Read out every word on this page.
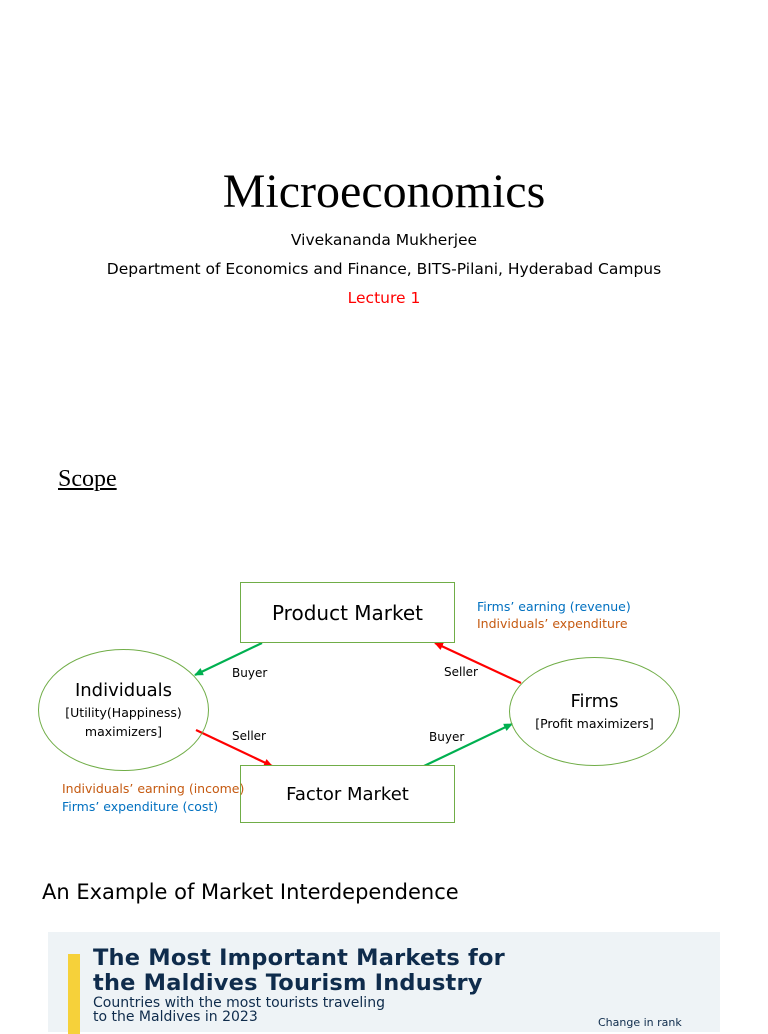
Microeconomics
Vivekananda Mukherjee
Department of Economics and Finance, BITS-Pilani, Hyderabad Campus
Lecture 1
Scope
Product Market
Factor Market
Individuals
[Utility(Happiness)
maximizers]
Firms
[Profit maximizers]
Buyer	Seller
Seller	Buyer
Firms’ earning (revenue)
Individuals’ expenditure
Individuals’ earning (income)
Firms’ expenditure (cost)
An Example of Market Interdependence
The Most Important Markets for
the Maldives Tourism Industry
Countries with the most tourists traveling
to the Maldives in 2023	Change in rank
